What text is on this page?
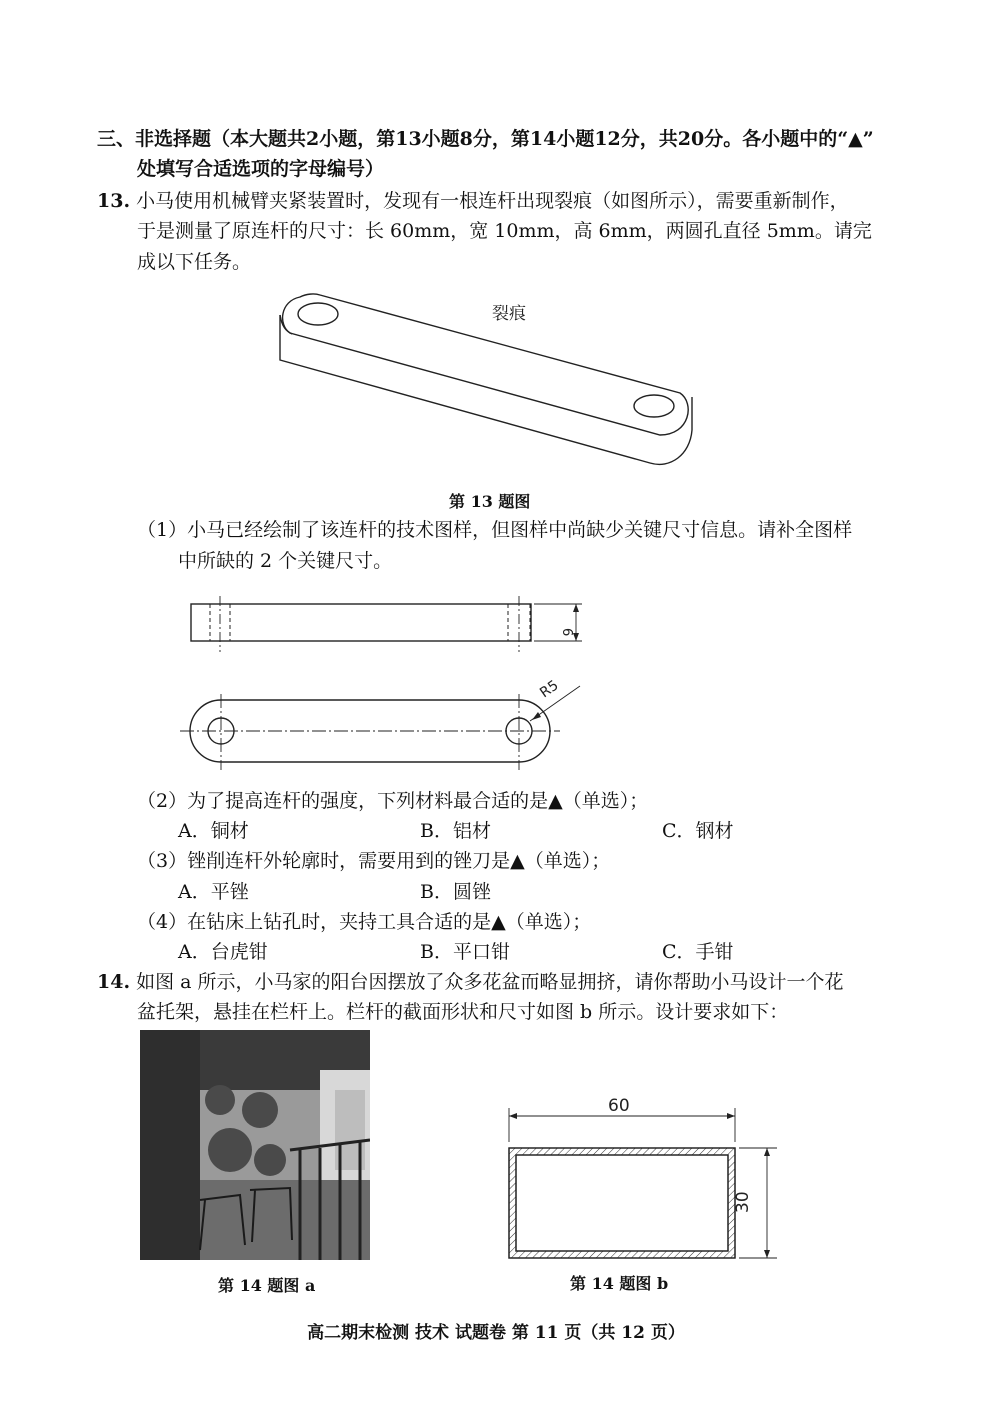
三、非选择题（本大题共2小题，第13小题8分，第14小题12分，共20分。各小题中的“▲”
处填写合适选项的字母编号）
13. 小马使用机械臂夹紧装置时，发现有一根连杆出现裂痕（如图所示），需要重新制作，
于是测量了原连杆的尺寸：长 60mm，宽 10mm，高 6mm，两圆孔直径 5mm。请完
成以下任务。
裂痕
第 13 题图
（1）小马已经绘制了该连杆的技术图样，但图样中尚缺少关键尺寸信息。请补全图样
中所缺的 2 个关键尺寸。
6
R5
（2）为了提高连杆的强度，下列材料最合适的是▲（单选）；
A．铜材	B．铝材	C．钢材
（3）锉削连杆外轮廓时，需要用到的锉刀是▲（单选）；
A．平锉	B．圆锉
（4）在钻床上钻孔时，夹持工具合适的是▲（单选）；
A．台虎钳	B．平口钳	C．手钳
14. 如图 a 所示，小马家的阳台因摆放了众多花盆而略显拥挤，请你帮助小马设计一个花
盆托架，悬挂在栏杆上。栏杆的截面形状和尺寸如图 b 所示。设计要求如下：
第 14 题图 a
60
30
第 14 题图 b
高二期末检测 技术 试题卷 第 11 页（共 12 页）
